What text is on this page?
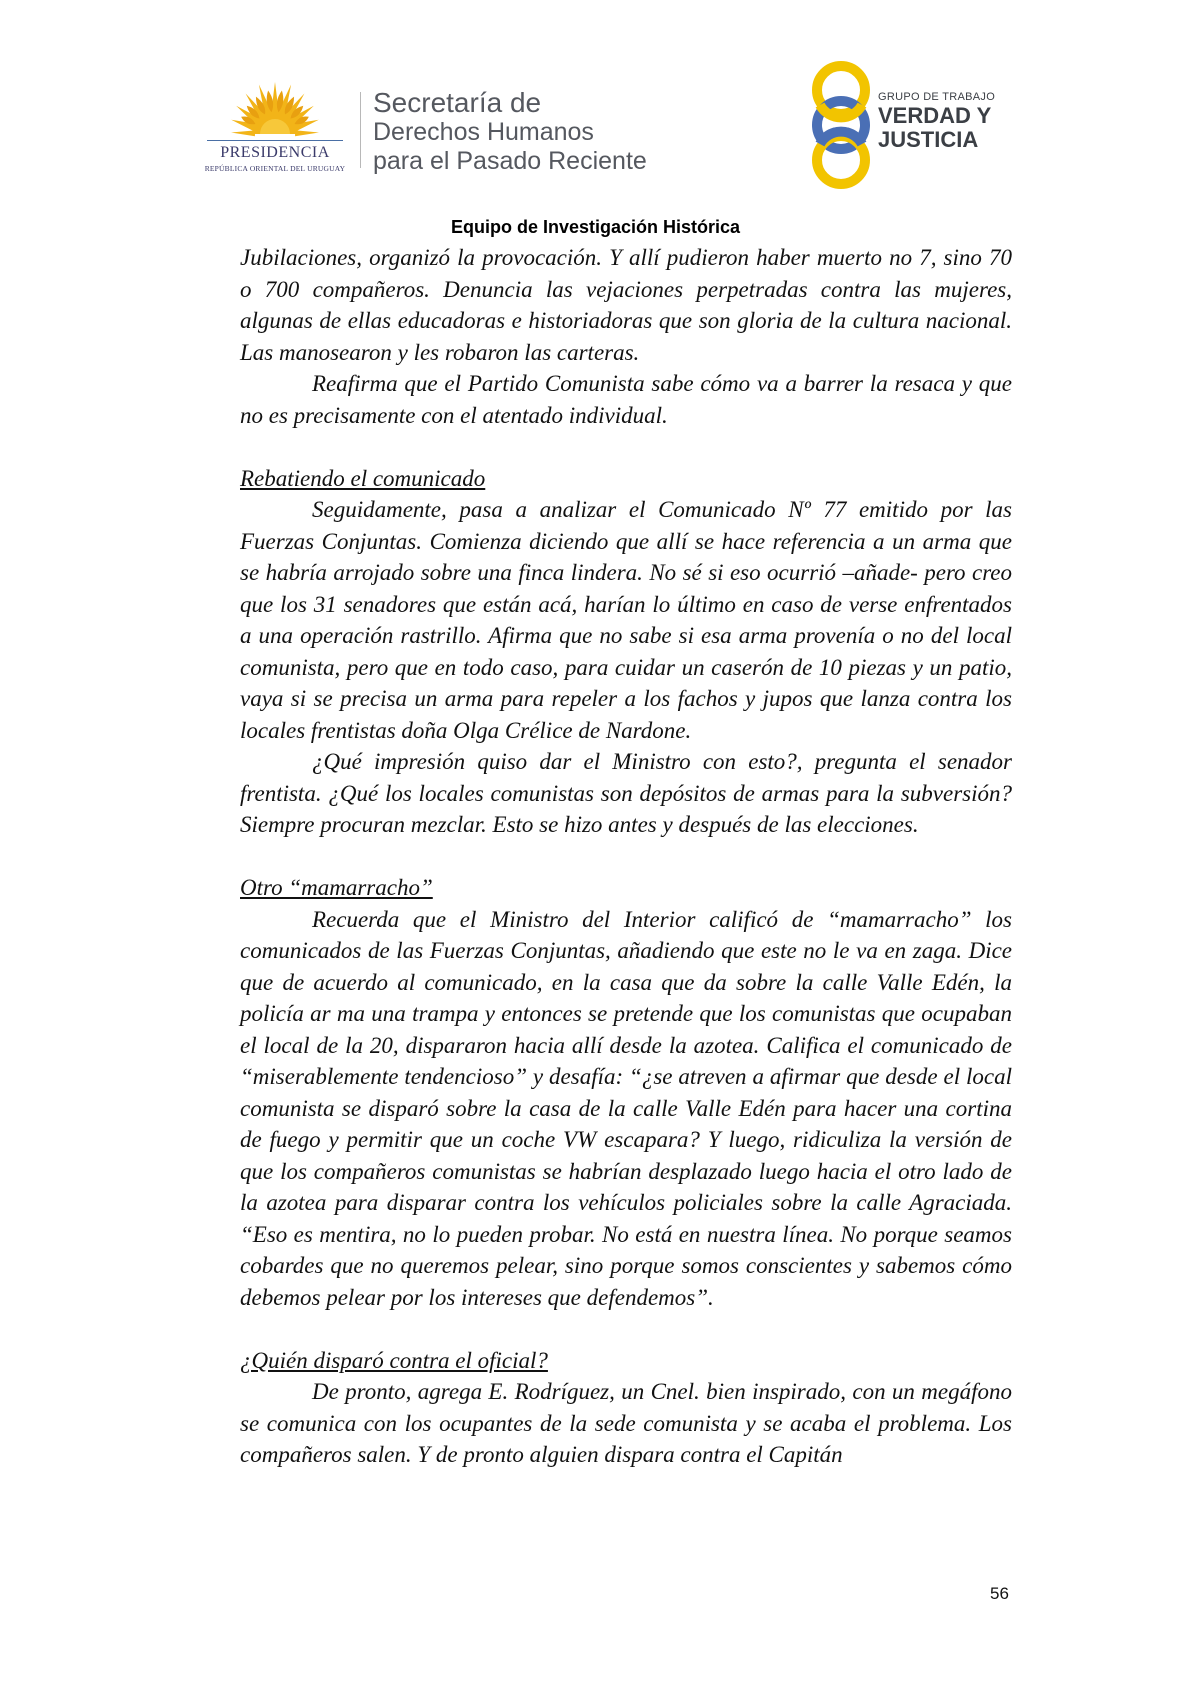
PRESIDENCIA
REPÚBLICA ORIENTAL DEL URUGUAY
Secretaría de
Derechos Humanos
para el Pasado Reciente
GRUPO DE TRABAJO
VERDAD Y
JUSTICIA
Equipo de Investigación Histórica

Jubilaciones, organizó la provocación. Y allí pudieron haber muerto no 7, sino 70 o 700 compañeros. Denuncia las vejaciones perpetradas contra las mujeres, algunas de ellas educadoras e historiadoras que son gloria de la cultura nacional. Las manosearon y les robaron las carteras.

Reafirma que el Partido Comunista sabe cómo va a barrer la resaca y que no es precisamente con el atentado individual.

Rebatiendo el comunicado

Seguidamente, pasa a analizar el Comunicado Nº 77 emitido por las Fuerzas Conjuntas. Comienza diciendo que allí se hace referencia a un arma que se habría arrojado sobre una finca lindera. No sé si eso ocurrió –añade- pero creo que los 31 senadores que están acá, harían lo último en caso de verse enfrentados a una operación rastrillo. Afirma que no sabe si esa arma provenía o no del local comunista, pero que en todo caso, para cuidar un caserón de 10 piezas y un patio, vaya si se precisa un arma para repeler a los fachos y jupos que lanza contra los locales frentistas doña Olga Crélice de Nardone.

¿Qué impresión quiso dar el Ministro con esto?, pregunta el senador frentista. ¿Qué los locales comunistas son depósitos de armas para la subversión? Siempre procuran mezclar. Esto se hizo antes y después de las elecciones.

Otro “mamarracho”

Recuerda que el Ministro del Interior calificó de “mamarracho” los comunicados de las Fuerzas Conjuntas, añadiendo que este no le va en zaga. Dice que de acuerdo al comunicado, en la casa que da sobre la calle Valle Edén, la policía ar ma una trampa y entonces se pretende que los comunistas que ocupaban el local de la 20, dispararon hacia allí desde la azotea. Califica el comunicado de “miserablemente tendencioso” y desafía: “¿se atreven a afirmar que desde el local comunista se disparó sobre la casa de la calle Valle Edén para hacer una cortina de fuego y permitir que un coche VW escapara? Y luego, ridiculiza la versión de que los compañeros comunistas se habrían desplazado luego hacia el otro lado de la azotea para disparar contra los vehículos policiales sobre la calle Agraciada. “Eso es mentira, no lo pueden probar. No está en nuestra línea. No porque seamos cobardes que no queremos pelear, sino porque somos conscientes y sabemos cómo debemos pelear por los intereses que defendemos”.

¿Quién disparó contra el oficial?

De pronto, agrega E. Rodríguez, un Cnel. bien inspirado, con un megáfono se comunica con los ocupantes de la sede comunista y se acaba el problema. Los compañeros salen. Y de pronto alguien dispara contra el Capitán

56
